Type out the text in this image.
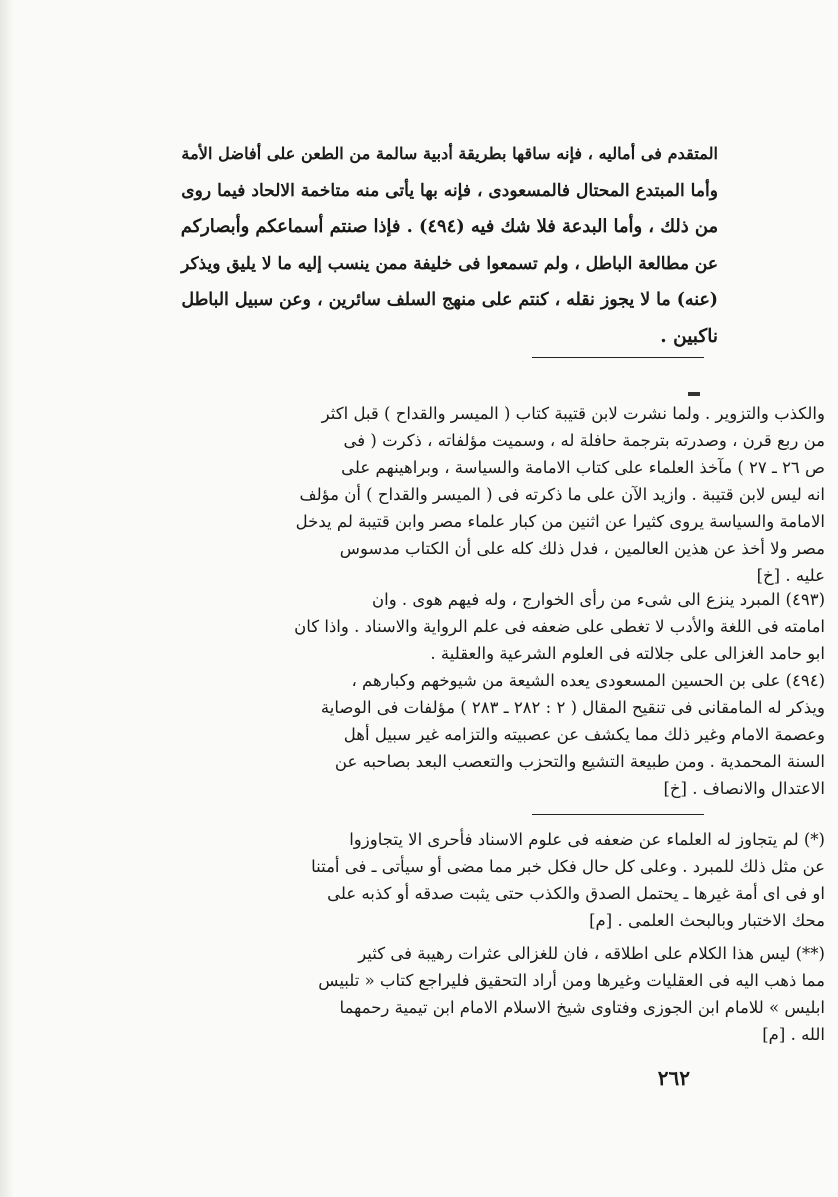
المتقدم فى أماليه ، فإنه ساقها بطريقة أدبية سالمة من الطعن على أفاضل الأمة
وأما المبتدع المحتال فالمسعودى ، فإنه بها يأتى منه متاخمة الالحاد فيما روى
من ذلك ، وأما البدعة فلا شك فيه (٤٩٤) . فإذا صنتم أسماعكم وأبصاركم
عن مطالعة الباطل ، ولم تسمعوا فى خليفة ممن ينسب إليه ما لا يليق ويذكر
(عنه) ما لا يجوز نقله ، كنتم على منهج السلف سائرين ، وعن سبيل الباطل
ناكبين .
والكذب والتزوير . ولما نشرت لابن قتيبة كتاب ( الميسر والقداح ) قبل اكثر
من ربع قرن ، وصدرته بترجمة حافلة له ، وسميت مؤلفاته ، ذكرت ( فى
ص ٢٦ ـ ٢٧ ) مآخذ العلماء على كتاب الامامة والسياسة ، وبراهينهم على
انه ليس لابن قتيبة . وازيد الآن على ما ذكرته فى ( الميسر والقداح ) أن مؤلف
الامامة والسياسة يروى كثيرا عن اثنين من كبار علماء مصر وابن قتيبة لم يدخل
مصر ولا أخذ عن هذين العالمين ، فدل ذلك كله على أن الكتاب مدسوس
عليه . [خ]
(٤٩٣) المبرد ينزع الى شىء من رأى الخوارج ، وله فيهم هوى . وان
امامته فى اللغة والأدب لا تغطى على ضعفه فى علم الرواية والاسناد . واذا كان
ابو حامد الغزالى على جلالته فى العلوم الشرعية والعقلية .
(٤٩٤) على بن الحسين المسعودى يعده الشيعة من شيوخهم وكبارهم ،
ويذكر له المامقانى فى تنقيح المقال ( ٢ : ٢٨٢ ـ ٢٨٣ ) مؤلفات فى الوصاية
وعصمة الامام وغير ذلك مما يكشف عن عصبيته والتزامه غير سبيل أهل
السنة المحمدية . ومن طبيعة التشيع والتحزب والتعصب البعد بصاحبه عن
الاعتدال والانصاف . [خ]
(*) لم يتجاوز له العلماء عن ضعفه فى علوم الاسناد فأحرى الا يتجاوزوا
عن مثل ذلك للمبرد . وعلى كل حال فكل خبر مما مضى أو سيأتى ـ فى أمتنا
او فى اى أمة غيرها ـ يحتمل الصدق والكذب حتى يثبت صدقه أو كذبه على
محك الاختبار وبالبحث العلمى . [م]
(**) ليس هذا الكلام على اطلاقه ، فان للغزالى عثرات رهيبة فى كثير
مما ذهب اليه فى العقليات وغيرها ومن أراد التحقيق فليراجع كتاب « تلبيس
ابليس » للامام ابن الجوزى وفتاوى شيخ الاسلام الامام ابن تيمية رحمهما
الله . [م]
٢٦٢
